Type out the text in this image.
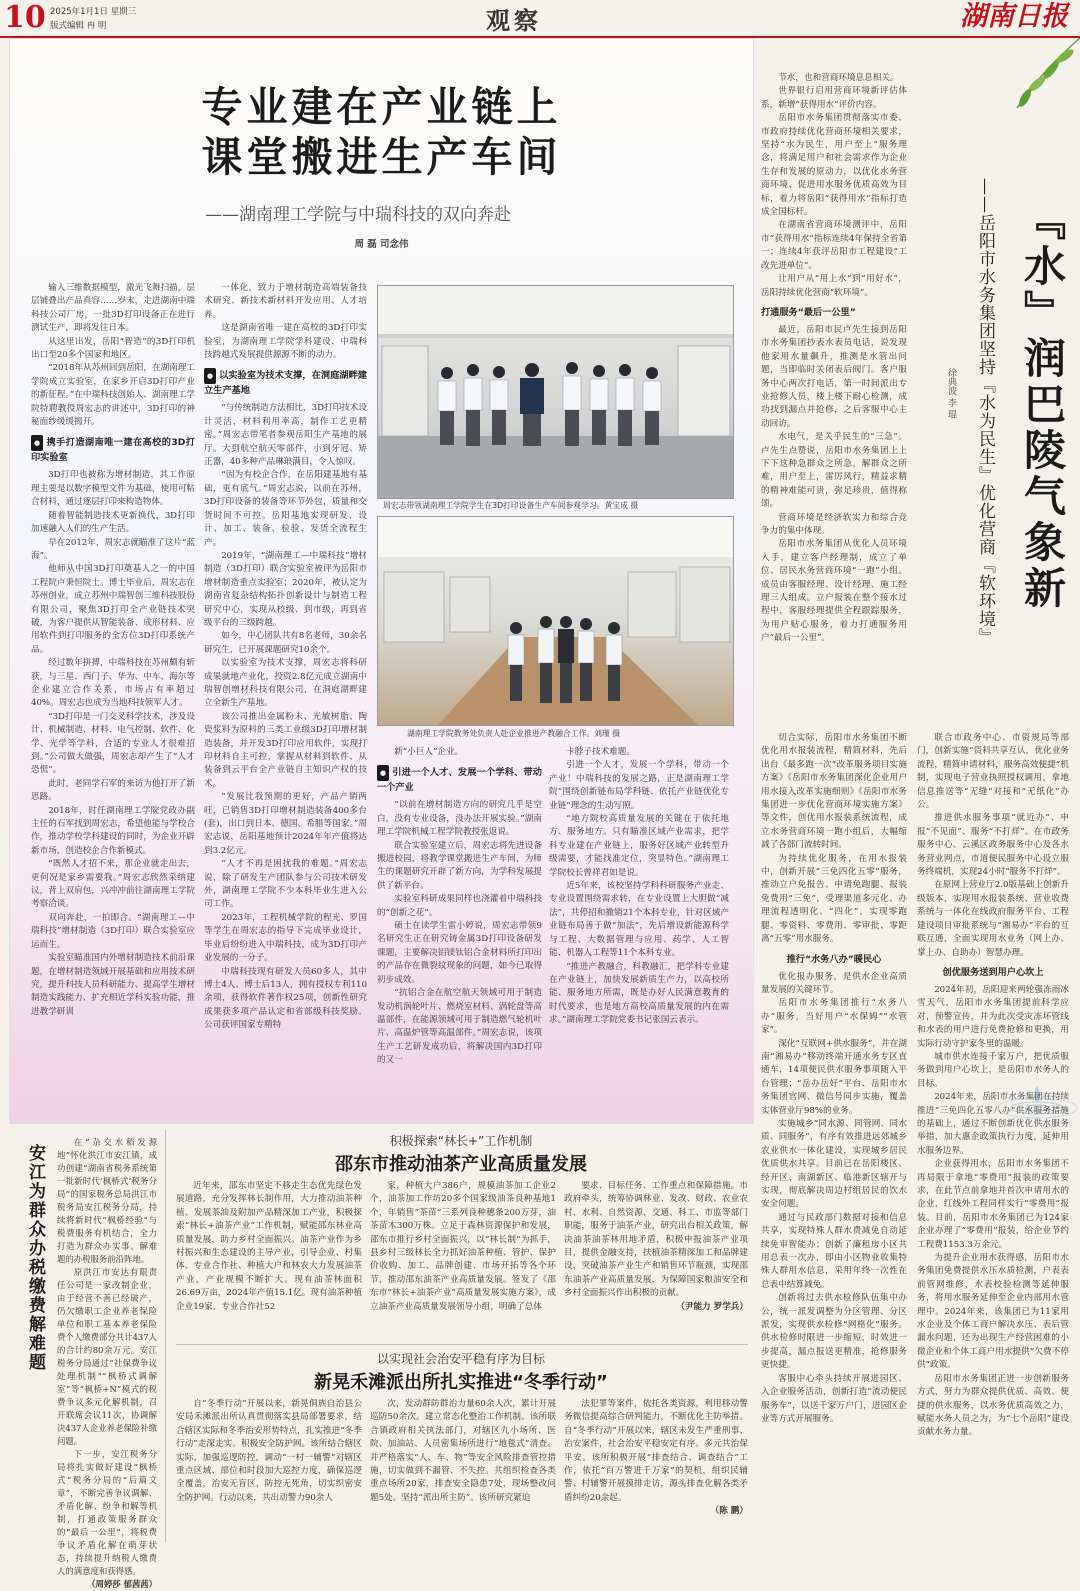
10 2025年1月1日 星期三
版式编辑 冉 明	观察	湖南日报
专业建在产业链上
课堂搬进生产车间
——湖南理工学院与中瑞科技的双向奔赴
周 磊 司念伟

输入三维数据模型，激光飞舞扫描，层层铺叠出产品真容……岁末，走进湖南中瑞科技公司厂房，一批3D打印设备正在进行测试生产，即将发往日本。

从这里出发，岳阳“智造”的3D打印机出口至20多个国家和地区。

“2018年从苏州回到岳阳，在湖南理工学院成立实验室，在家乡开启3D打印产业的新征程。”在中瑞科技创始人、湖南理工学院特聘教授周宏志的讲述中，3D打印的神秘面纱缓缓揭开。

● 携手打造湖南唯一建在高校的3D打印实验室

3D打印也被称为增材制造，其工作原理主要是以数字模型文件为基础，使用可粘合材料，通过逐层打印来构造物体。

随着智能制造技术更新换代，3D打印加速融入人们的生产生活。

早在2012年，周宏志就瞄准了这片“蓝海”。

他师从中国3D打印奠基人之一的中国工程院卢秉恒院士。博士毕业后，周宏志在苏州创业，成立苏州中瑞智创三维科技股份有限公司，聚焦3D打印全产业链技术突破，为客户提供从智能装备、成形材料、应用软件到打印服务的全方位3D打印系统产品。

经过数年拼搏，中瑞科技在苏州颇有斩获，与三星、西门子、华为、中车、海尔等企业建立合作关系，市场占有率超过40%。周宏志也成为当地科技领军人才。

“3D打印是一门交叉科学技术，涉及设计、机械制造、材料、电气控制、软件、化学、光学等学科，合适的专业人才很难招到。”公司做大做强，周宏志却产生了“人才恐慌”。

此时，老同学石军的来访为他打开了新思路。

2018年，时任湖南理工学院党政办副主任的石军找到周宏志，希望他能与学校合作，推动学校学科建设的同时，为企业开辟新市场，创造校企合作新模式。

“既然人才招不来，那企业就走出去，更何况是家乡需要我。”周宏志欣然采纳建议，背上双肩包，兴冲冲前往湖南理工学院考察洽谈。

双向奔赴，一拍即合。“湖南理工—中瑞科技”增材制造（3D打印）联合实验室应运而生。

实验室瞄准国内外增材制造技术前沿课题，在增材制造领域开展基础和应用技术研究，提升科技人员科研能力、提高学生增材制造实践能力、扩充相近学科实验功能，推进教学研训

一体化，致力于增材制造高端装备技术研究、新技术新材料开发应用、人才培养。

这是湖南省唯一建在高校的3D打印实验室，为湖南理工学院学科建设、中瑞科技跨越式发展提供源源不断的动力。

● 以实验室为技术支撑，在洞庭湖畔建立生产基地

“与传统制造方法相比，3D打印技术设计灵活，材料利用率高，制作工艺更精密。”周宏志带笔者参观岳阳生产基地的展厅。大到航空航天零部件，小到牙冠、矫正器，40多种产品琳琅满目，令人惊叹。

“因为有校企合作，在岳阳建基地有基础，更有底气。”周宏志说，以前在苏州，3D打印设备的装备等环节外包，质量和交货时间不可控。岳阳基地实现研发、设计、加工、装备、检验、发货全流程生产。

2019年，“湖南理工—中瑞科技”增材制造（3D打印）联合实验室被评为岳阳市增材制造重点实验室；2020年，被认定为湖南省复杂结构拓扑创新设计与制造工程研究中心，实现从校级、到市级，再到省级平台的三级跨越。

如今，中心团队共有8名老师，30余名研究生，已开展课题研究10余个。

以实验室为技术支撑，周宏志将科研成果就地产业化，投资2.8亿元成立湖南中瑞智创增材科技有限公司，在洞庭湖畔建立全新生产基地。

该公司推出金属粉末、光敏树脂、陶瓷浆料为原料的三类工业级3D打印增材制造装备，并开发3D打印应用软件，实现打印材料自主可控，掌握从材料到软件、从装备到云平台全产业链自主知识产权的技术。

“发展比我预期的更好，产品产销两旺，已销售3D打印增材制造装备400多台(套)，出口到日本、德国、希腊等国家。”周宏志说，岳阳基地预计2024年年产值将达到3.2亿元。

“人才不再是困扰我的难题。”周宏志说，除了研发生产团队参与公司技术研发外，湖南理工学院不少本科毕业生进入公司工作。

2023年，工程机械学院的程光、罗国等学生在周宏志的指导下完成毕业设计，毕业后纷纷进入中瑞科技，成为3D打印产业发展的一分子。

中瑞科技现有研发人员60多人，其中博士4人、博士后13人，拥有授权专利110余项，获得软件著作权25项，创新性研究成果获多项产品认定和省部级科技奖励。公司获评国家专精特

周宏志带领湖南理工学院学生在3D打印设备生产车间参观学习。黄宝成 摄
湖南理工学院教务处负责人赴企业推进产教融合工作。刘瑾 摄

新“小巨人”企业。

● 引进一个人才、发展一个学科、带动一个产业

“以前在增材制造方向的研究几乎是空白，没有专业设备，没办法开展实验。”湖南理工学院机械工程学院教授张返说。

联合实验室建立后，周宏志将先进设备搬进校园，将教学课堂搬进生产车间，为师生的课题研究开辟了新方向，为学科发展提供了新平台。

实验室科研成果同样也浇灌着中瑞科技的“创新之花”。

硕士在读学生雷小婷说，周宏志带领9名研究生正在研究铸金属3D打印设备研发课题，主要解决铝镁钛铝合金材料所打印出的产品存在微裂纹现象的问题，如今已取得初步成效。

“抗铝合金在航空航天领域可用于制造发动机涡轮叶片、燃烧室材料、涡轮盘等高温部件，在能源领域可用于制造燃气轮机叶片、高温炉管等高温部件。”周宏志说，该项生产工艺研发成功后，将解决国内3D打印的又一

卡脖子技术难题。

引进一个人才，发展一个学科，带动一个产业！中瑞科技的发展之路，正是湖南理工学院“围绕创新链布局学科链、依托产业链优化专业链”理念的生动写照。

“地方院校高质量发展的关键在于依托地方、服务地方。只有瞄准区域产业需求，把学科专业建在产业链上，服务好区域产业转型升级需要，才能找准定位，突显特色。”湖南理工学院校长曾祥君如是说。

近5年来，该校坚持学科科研服务产业走、专业设置围绕需求转，在专业设置上大胆做“减法”，共停招和撤销21个本科专业，针对区域产业链布局善于做“加法”，先后增设新能源科学与工程、大数据管理与应用、药学、人工智能、机器人工程等11个本科专业。

“推进产教融合，科教融汇，把学科专业建在产业链上，加快发展新质生产力，以高校所能、服务地方所需，既是办好人民满意教育的时代要求，也是地方高校高质量发展的内在需求。”湖南理工学院党委书记张国云表示。

节水，也和营商环境息息相关。

世界银行启用营商环境新评估体系，新增“获得用水”评价内容。

岳阳市水务集团贯彻落实市委、市政府持续优化营商环境相关要求，坚持“水为民生，用户至上”服务理念，将满足用户和社会需求作为企业生存和发展的原动力，以优化水务营商环境、促进用水服务优质高效为目标，着力将岳阳“获得用水”指标打造成全国标杆。

在湖南省营商环境测评中，岳阳市“获得用水”指标连续4年保持全省第一；连续4年获评岳阳市工程建设“工改先进单位”。

让用户从“用上水”到“用好水”，岳阳持续优化营商“软环境”。

打通服务“最后一公里”

最近，岳阳市民卢先生接到岳阳市水务集团抄表水表员电话，说发现他家用水量飙升，推测是水管出问题，当即临时关闭表后阀门。客户服务中心两次打电话，第一时间派出专业抢修人员，楼上楼下耐心检测，成功找到漏点并抢修，之后客服中心主动回访。

水电气，是关乎民生的“三急”。卢先生点赞说，岳阳市水务集团上上下下这种急群众之所急，解群众之所难，用户至上，雷厉风行，精益求精的精神难能可贵，弥足珍贵，值得称颂。

营商环境是经济软实力和综合竞争力的集中体现。

岳阳市水务集团从优化人员环境入手，建立客户经理制，成立了单位、居民水务营商环境“一跑”小组。成员由客服经理、设计经理、施工经理三人组成。立户报装在整个接水过程中，客服经理提供全程跟踪服务，为用户贴心服务，着力打通服务用户“最后一公里”。

『水』润巴陵气象新
——岳阳市水务集团坚持『水为民生』优化营商『软环境』
徐典波 李 琨

切合实际，岳阳市水务集团不断优化用水报装流程，精简材料，先后出台《最多跑一次”改革服务项目实施方案》《岳阳市水务集团深化企业用户用水接入改革实施细则》《岳阳市水务集团进一步优化营商环境实施方案》等文件，创优用水报装系统流程，成立水务营商环境一跑小组后，大幅缩减了各部门流转时间。

为持续优化服务，在用水报装中，创新开展“三免四化五零”服务，推动立户免报告、申请免跑腿、报装免费用“三免”，受理渠道多元化、办理流程透明化、“四化”，实现零跑腿、零资料、零费用、零审批、零距离“五零”用水服务。

推行“水务八办”暖民心

优化报办服务，是供水企业高质量发展的关键环节。

岳阳市水务集团推行“水务八办”服务，当好用户“水保姆”“水管家”。

深化“互联网+供水服务”，并在湖南“湘易办”移动终端开通水务专区直通车，14项便民供水服务事项随入平台管理；“岳办岳好”平台、岳阳市水务集团官网、微信号同步实施，覆盖实体营业厅98%的业务。

实施城乡“同水源、同管网、同水质、同服务”，有序有效推进远郊城乡农业供水一体化建设，实现城乡居民优质供水共享。目前已在岳阳楼区、经开区、南湖新区、临港新区辖开与实现，彻底解决周边村组居民的饮水安全问题。

通过与民政部门数据对接和信息共享，实现特殊人群水费减免自动延续免审智能办；创新了廉租房小区共用总表一次办，即由小区物业收集特殊人群用水信息，采用年终一次性在总表中结算减免。

创新将过去供水检修队伍集中办公，统一派发调整为分区管理、分区派发，实现供水检修“网格化”服务。供水检修时限进一步缩短，时效进一步提高，漏点报送更精准，抢修服务更快捷。

客服中心牵头持续开展进园区、入企业服务活动，创新打造“流动便民服务车”，以送千家万户门，进园区企业等方式开展服务。

联合市政务中心、市资规局等部门，创新实施“资料共享互认，优化业务流程，精简申请材料，服务高效便捷”机制，实现电子营业执照授权调用，拿地信息推送等“无缝”对接和“无纸化”办公。

推进供水服务事项“就近办”、申报“不见面”、服务“不打烊”。在市政务服务中心、云溪区政务服务中心及各水务营业网点，市道便民服务中心设立服务终端机，实现24小时“服务不打烊”。

在原网上营业厅2.0版基础上创新升级版本，实现用水报装系统、营业收费系统与一体化在线政府服务平台、工程建设项目审批系统与“湘易办”平台的互联互通，全面实现用水业务（网上办、掌上办、自助办）智慧办理。

创优服务送到用户心坎上

2024年初，岳阳迎来两轮强冻雨冰雪天气，岳阳市水务集团提前科学应对，预警宣传，并为此次受灾冻坏管线和水表的用户进行免费抢修和更换，用实际行动守护家冬里的温暖。

城市供水连接千家万户，把优质服务做到用户心坎上，是岳阳市水务人的目标。

2024年来，岳阳市水务集团在持续推进“三免四化五零八办”供水服务措施的基础上，通过不断创新优化供水服务举措，加大惠企政策执行力度，延伸用水服务边界。

企业获得用水，岳阳市水务集团不再局限于拿地“零费用”报装的政策要求，在此节点前拿地并首次申请用水的企业，红线外工程同样实行“零费用”报装。目前，岳阳市水务集团已为124家企业办理了“零费用”报装，给企业节约工程费1153.3万余元。

为提升企业用水获得感，岳阳市水务集团免费提供水压水质检测，户表表前管网维修，水表校验检测等延伸服务，将用水服务延伸至企业内部用水管理中。2024年来，该集团已为11家用水企业及个体工商户解决水压、表后管漏水问题，还为出现生产经营困难的小微企业和个体工商户用水提供“欠费不停供”政策。

岳阳市水务集团正进一步创新服务方式，努力为群众提供优质、高效、便捷的供水服务，以水务优质高效之力，赋能水务人员之为，为“七个岳阳”建设贡献水务力量。

安江为群众办税缴费解难题

在“杂交水稻发源地”怀化洪江市安江镇，成功创建“湖南省税务系统第一批新时代‘枫桥式’税务分局”的国家税务总局洪江市税务局安江税务分局，持续将新时代“枫桥经验”与税费服务有机结合，全力打造为群众办实事、解难题的办税服务前沿阵地。

原洪江市安达有限责任公司是一家改制企业，由于经营不善已经破产，仍欠缴职工企业养老保险单位和职工基本养老保险费个人缴费部分共计437人的合计约80余万元。安江税务分局通过“社保费争议处理机制”“枫桥式调解室”等“枫桥+N”模式的税费争议多元化解机制，召开联席会议11次，协调解决437人企业养老保险补缴问题。

下一步，安江税务分局将扎实做好建设“枫桥式”税务分局的“后篇文章”，不断完善争议调解、矛盾化解、纷争和解等机制，打通政策服务群众的“最后一公里”，将税费争议矛盾化解在萌芽状态，持续提升纳税人缴费人的满意度和获得感。

（周婷莎 郁茜茜）

积极探索“林长+”工作机制
邵东市推动油茶产业高质量发展

近年来，邵东市坚定不移走生态优先绿色发展道路，充分发挥林长制作用，大力推动油茶种植、发展茶油及附加产品精深加工产业，积极探索“林长+油茶产业”工作机制，赋能邵东林业高质量发展，助力乡村全面振兴。油茶产业作为乡村振兴和生态建设的主导产业，引导企业、村集体、专业合作社、种植大户和林农大力发展油茶产业，产业规模不断扩大。现有油茶林面积26.69万亩，2024年产值15.1亿。现有油茶种植企业19家，专业合作社52

家，种植大户386户，规模油茶加工企业2个，油茶加工作坊20多个国家级油茶良种基地1个，年销售“茶苗”三系列良种穗条200万芽，油茶苗木300万株。立足于森林资源保护和发展，邵东市推行乡村全面振兴，以“林长制”为抓手，县乡村三级林长全力抓好油茶种植、管护、保护价收购、加工、品牌创建、市场开拓等各个环节，推动邵东油茶产业高质量发展。签发了《邵东市“林长+油茶产业”高质量发展实施方案》，成立油茶产业高质量发展领导小组，明确了总体

要求、目标任务、工作重点和保障措施。市政府牵头，统筹协调林业、发改、财政、农业农村、水利、自然资源、交通、科工、市监等部门职能，服务于油茶产业，研究出台相关政策，解决油茶油茶林用地矛盾，积极申报油茶产业项目，提供金融支持，扶植油茶精深加工和品牌建设，突破油茶产业生产和销售环节瓶颈，实现邵东油茶产业高质量发展，为保障国家粮油安全和乡村全面振兴作出积极的贡献。

（尹能力 罗学兵）

以实现社会治安平稳有序为目标
新晃禾滩派出所扎实推进“冬季行动”

自“冬季行动”开展以来，新晃侗族自治县公安局禾滩派出所认真贯彻落实县局部署要求，结合辖区实际和冬季治安形势特点，扎实推进“冬季行动”走深走实。积极安全防护网。该所结合辖区实际，加强巡逻防控，调动“一村一辅警”对辖区重点区域、部位和时段加大巡控力度，确保巡逻全覆盖，治安无盲区，防控无死角，切实织密安全防护网。行动以来，共出动警力90余人

次，发动群防群治力量60余人次，累计开展巡防50余次。建立常态化整治工作机制。该所联合镇政府相关执法部门，对辖区九小场所、医院、加油站、人员密集场所进行“地毯式”清查。并严格落实“人、车、物”等安全风险排查管控措施，切实做到不漏管、不失控。共组织检查各类重点场所20家，排查安全隐患7处，现场整改问题5处。坚持“派出所主防”。该所研究紧迫

法犯罪等案件，依托各类资源，利用移动警务微信提高综合研判能力，不断优化主防举措。自“冬季行动”开展以来，辖区未发生严重刑事、治安案件，社会治安平稳安定有序。多元共治保平安。该所积极开展“排查结合、调查结合”工作，依托“百万警进千万家”的契机，组织民辅警、村辅警开展摸排走访，源头排查化解各类矛盾纠纷20余起。

（陈 鹏）
